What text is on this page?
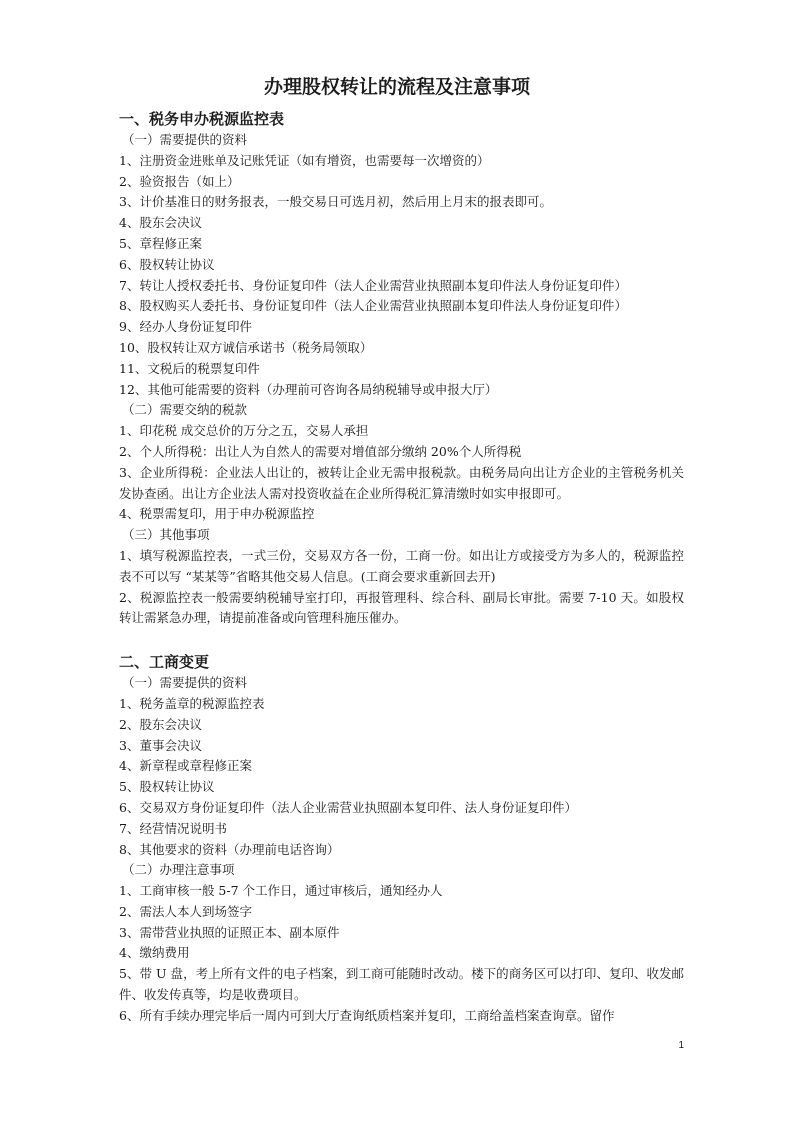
办理股权转让的流程及注意事项

一、税务申办税源监控表

（一）需要提供的资料

1、注册资金进账单及记账凭证（如有增资，也需要每一次增资的）

2、验资报告（如上）

3、计价基准日的财务报表，一般交易日可选月初，然后用上月末的报表即可。

4、股东会决议

5、章程修正案

6、股权转让协议

7、转让人授权委托书、身份证复印件（法人企业需营业执照副本复印件法人身份证复印件）

8、股权购买人委托书、身份证复印件（法人企业需营业执照副本复印件法人身份证复印件）

9、经办人身份证复印件

10、股权转让双方诚信承诺书（税务局领取）

11、文税后的税票复印件

12、其他可能需要的资料（办理前可咨询各局纳税辅导或申报大厅）

（二）需要交纳的税款

1、印花税 成交总价的万分之五，交易人承担

2、个人所得税：出让人为自然人的需要对增值部分缴纳 20%个人所得税

3、企业所得税：企业法人出让的，被转让企业无需申报税款。由税务局向出让方企业的主管税务机关发协查函。出让方企业法人需对投资收益在企业所得税汇算清缴时如实申报即可。

4、税票需复印，用于申办税源监控

（三）其他事项

1、填写税源监控表，一式三份，交易双方各一份，工商一份。如出让方或接受方为多人的，税源监控表不可以写 “某某等”省略其他交易人信息。(工商会要求重新回去开)

2、税源监控表一般需要纳税辅导室打印，再报管理科、综合科、副局长审批。需要 7-10 天。如股权转让需紧急办理，请提前准备或向管理科施压催办。

二、工商变更

（一）需要提供的资料

1、税务盖章的税源监控表

2、股东会决议

3、董事会决议

4、新章程或章程修正案

5、股权转让协议

6、交易双方身份证复印件（法人企业需营业执照副本复印件、法人身份证复印件）

7、经营情况说明书

8、其他要求的资料（办理前电话咨询）

（二）办理注意事项

1、工商审核一般 5-7 个工作日，通过审核后，通知经办人

2、需法人本人到场签字

3、需带营业执照的证照正本、副本原件

4、缴纳费用

5、带 U 盘，考上所有文件的电子档案，到工商可能随时改动。楼下的商务区可以打印、复印、收发邮件、收发传真等，均是收费项目。

6、所有手续办理完毕后一周内可到大厅查询纸质档案并复印，工商给盖档案查询章。留作

1
